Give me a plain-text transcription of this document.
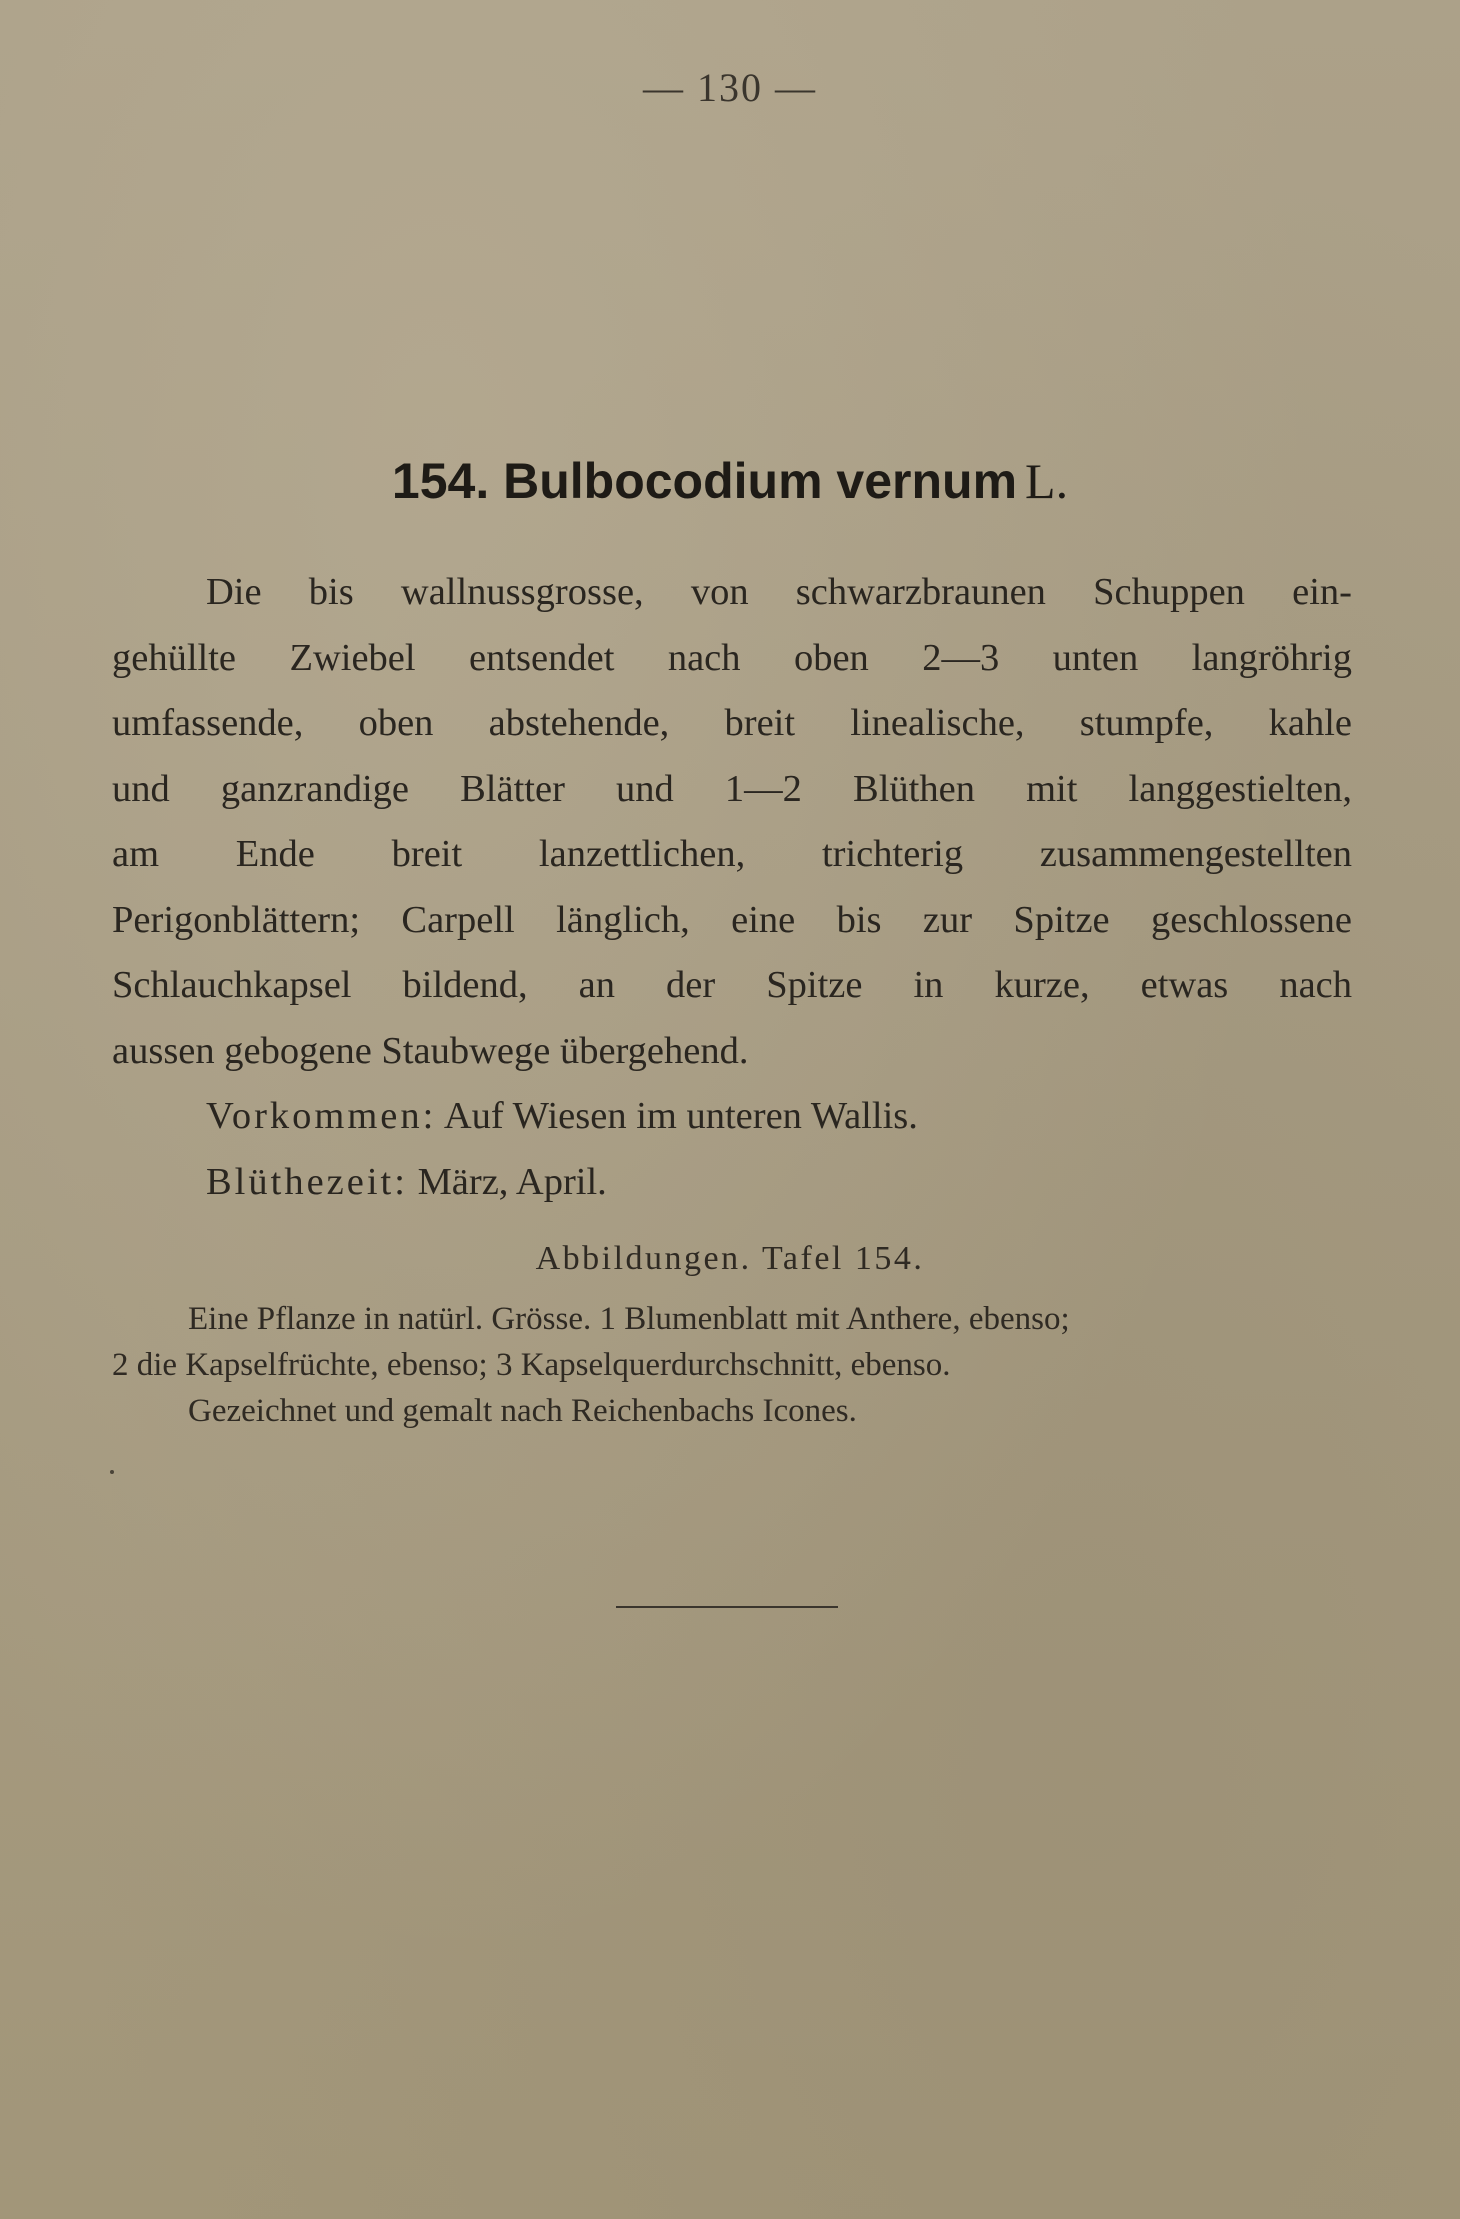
— 130 —
154. Bulbocodium vernum L.
Die bis wallnussgrosse, von schwarzbraunen Schuppen ein-
gehüllte Zwiebel entsendet nach oben 2—3 unten langröhrig
umfassende, oben abstehende, breit linealische, stumpfe, kahle
und ganzrandige Blätter und 1—2 Blüthen mit langgestielten,
am Ende breit lanzettlichen, trichterig zusammengestellten
Perigonblättern; Carpell länglich, eine bis zur Spitze geschlossene
Schlauchkapsel bildend, an der Spitze in kurze, etwas nach
aussen gebogene Staubwege übergehend.
Vorkommen: Auf Wiesen im unteren Wallis.
Blüthezeit: März, April.
Abbildungen. Tafel 154.
Eine Pflanze in natürl. Grösse. 1 Blumenblatt mit Anthere, ebenso;
2 die Kapselfrüchte, ebenso; 3 Kapselquerdurchschnitt, ebenso.
Gezeichnet und gemalt nach Reichenbachs Icones.
